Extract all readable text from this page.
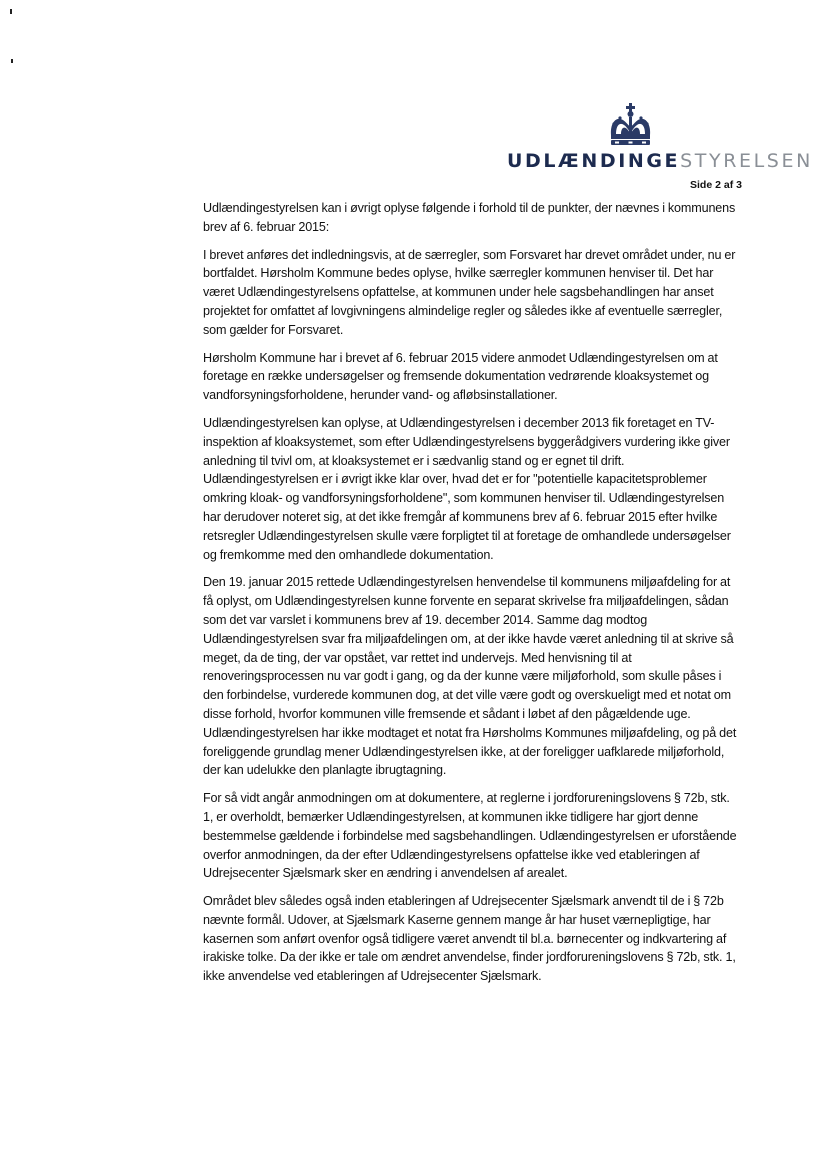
UDLÆNDINGESTYRELSEN
Side 2 af 3

Udlændingestyrelsen kan i øvrigt oplyse følgende i forhold til de punkter, der nævnes i kommunens brev af 6. februar 2015:

I brevet anføres det indledningsvis, at de særregler, som Forsvaret har drevet området under, nu er bortfaldet. Hørsholm Kommune bedes oplyse, hvilke særregler kommunen henviser til. Det har været Udlændingestyrelsens opfattelse, at kommunen under hele sagsbehandlingen har anset projektet for omfattet af lovgivningens almindelige regler og således ikke af eventuelle særregler, som gælder for Forsvaret.

Hørsholm Kommune har i brevet af 6. februar 2015 videre anmodet Udlændingestyrelsen om at foretage en række undersøgelser og fremsende dokumentation vedrørende kloaksystemet og vandforsyningsforholdene, herunder vand- og afløbsinstallationer.

Udlændingestyrelsen kan oplyse, at Udlændingestyrelsen i december 2013 fik foretaget en TV-inspektion af kloaksystemet, som efter Udlændingestyrelsens byggerådgivers vurdering ikke giver anledning til tvivl om, at kloaksystemet er i sædvanlig stand og er egnet til drift. Udlændingestyrelsen er i øvrigt ikke klar over, hvad det er for "potentielle kapacitetsproblemer omkring kloak- og vandforsyningsforholdene", som kommunen henviser til. Udlændingestyrelsen har derudover noteret sig, at det ikke fremgår af kommunens brev af 6. februar 2015 efter hvilke retsregler Udlændingestyrelsen skulle være forpligtet til at foretage de omhandlede undersøgelser og fremkomme med den omhandlede dokumentation.

Den 19. januar 2015 rettede Udlændingestyrelsen henvendelse til kommunens miljøafdeling for at få oplyst, om Udlændingestyrelsen kunne forvente en separat skrivelse fra miljøafdelingen, sådan som det var varslet i kommunens brev af 19. december 2014. Samme dag modtog Udlændingestyrelsen svar fra miljøafdelingen om, at der ikke havde været anledning til at skrive så meget, da de ting, der var opstået, var rettet ind undervejs. Med henvisning til at renoveringsprocessen nu var godt i gang, og da der kunne være miljøforhold, som skulle påses i den forbindelse, vurderede kommunen dog, at det ville være godt og overskueligt med et notat om disse forhold, hvorfor kommunen ville fremsende et sådant i løbet af den pågældende uge. Udlændingestyrelsen har ikke modtaget et notat fra Hørsholms Kommunes miljøafdeling, og på det foreliggende grundlag mener Udlændingestyrelsen ikke, at der foreligger uafklarede miljøforhold, der kan udelukke den planlagte ibrugtagning.

For så vidt angår anmodningen om at dokumentere, at reglerne i jordforureningslovens § 72b, stk. 1, er overholdt, bemærker Udlændingestyrelsen, at kommunen ikke tidligere har gjort denne bestemmelse gældende i forbindelse med sagsbehandlingen. Udlændingestyrelsen er uforstående overfor anmodningen, da der efter Udlændingestyrelsens opfattelse ikke ved etableringen af Udrejsecenter Sjælsmark sker en ændring i anvendelsen af arealet.

Området blev således også inden etableringen af Udrejsecenter Sjælsmark anvendt til de i § 72b nævnte formål. Udover, at Sjælsmark Kaserne gennem mange år har huset værnepligtige, har kasernen som anført ovenfor også tidligere været anvendt til bl.a. børnecenter og indkvartering af irakiske tolke. Da der ikke er tale om ændret anvendelse, finder jordforureningslovens § 72b, stk. 1, ikke anvendelse ved etableringen af Udrejsecenter Sjælsmark.
